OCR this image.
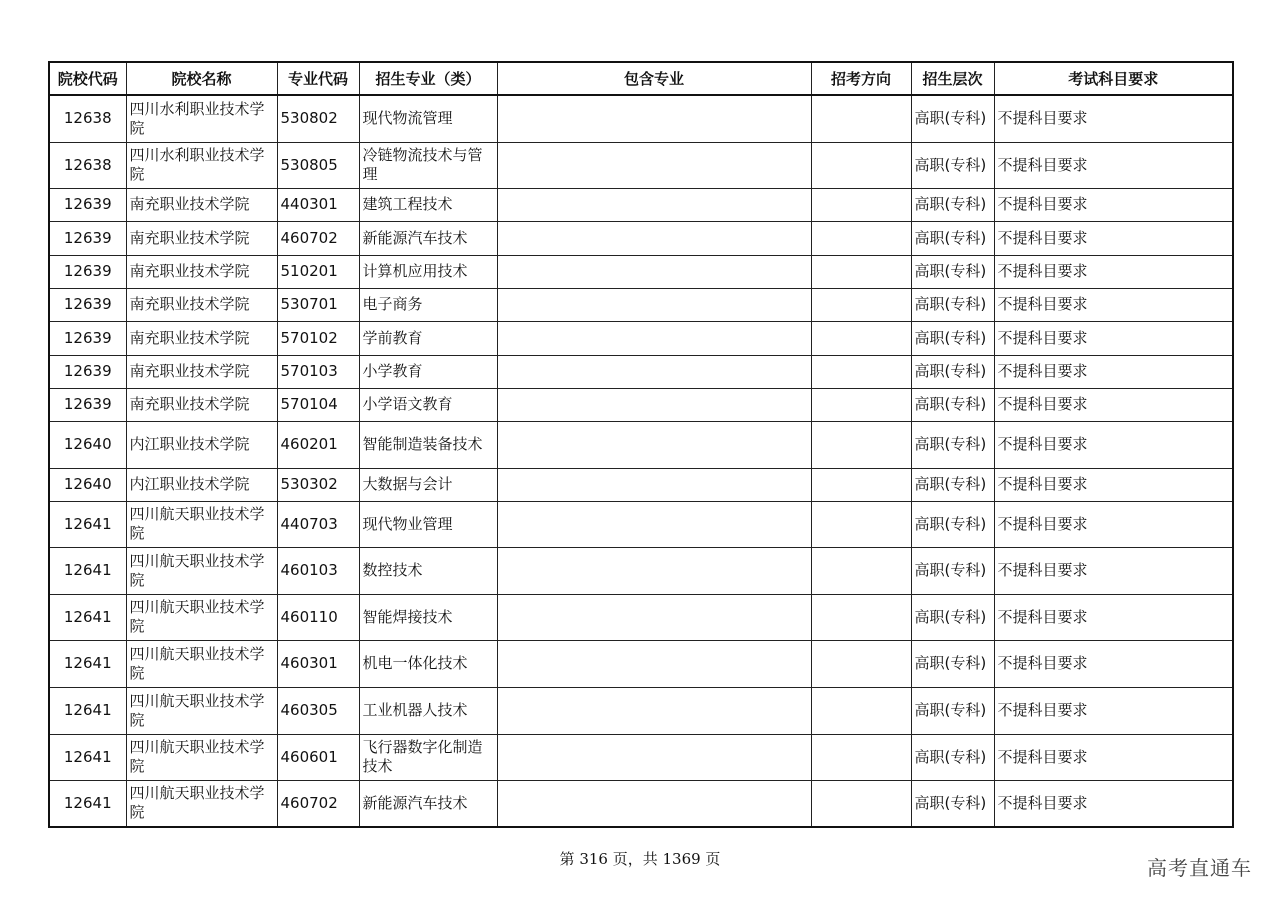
院校代码	院校名称	专业代码	招生专业（类）	包含专业	招考方向	招生层次	考试科目要求
12638	四川水利职业技术学院	530802	现代物流管理			高职(专科)	不提科目要求
12638	四川水利职业技术学院	530805	冷链物流技术与管理			高职(专科)	不提科目要求
12639	南充职业技术学院	440301	建筑工程技术			高职(专科)	不提科目要求
12639	南充职业技术学院	460702	新能源汽车技术			高职(专科)	不提科目要求
12639	南充职业技术学院	510201	计算机应用技术			高职(专科)	不提科目要求
12639	南充职业技术学院	530701	电子商务			高职(专科)	不提科目要求
12639	南充职业技术学院	570102	学前教育			高职(专科)	不提科目要求
12639	南充职业技术学院	570103	小学教育			高职(专科)	不提科目要求
12639	南充职业技术学院	570104	小学语文教育			高职(专科)	不提科目要求
12640	内江职业技术学院	460201	智能制造装备技术			高职(专科)	不提科目要求
12640	内江职业技术学院	530302	大数据与会计			高职(专科)	不提科目要求
12641	四川航天职业技术学院	440703	现代物业管理			高职(专科)	不提科目要求
12641	四川航天职业技术学院	460103	数控技术			高职(专科)	不提科目要求
12641	四川航天职业技术学院	460110	智能焊接技术			高职(专科)	不提科目要求
12641	四川航天职业技术学院	460301	机电一体化技术			高职(专科)	不提科目要求
12641	四川航天职业技术学院	460305	工业机器人技术			高职(专科)	不提科目要求
12641	四川航天职业技术学院	460601	飞行器数字化制造技术			高职(专科)	不提科目要求
12641	四川航天职业技术学院	460702	新能源汽车技术			高职(专科)	不提科目要求
第 316 页，共 1369 页	高考直通车
